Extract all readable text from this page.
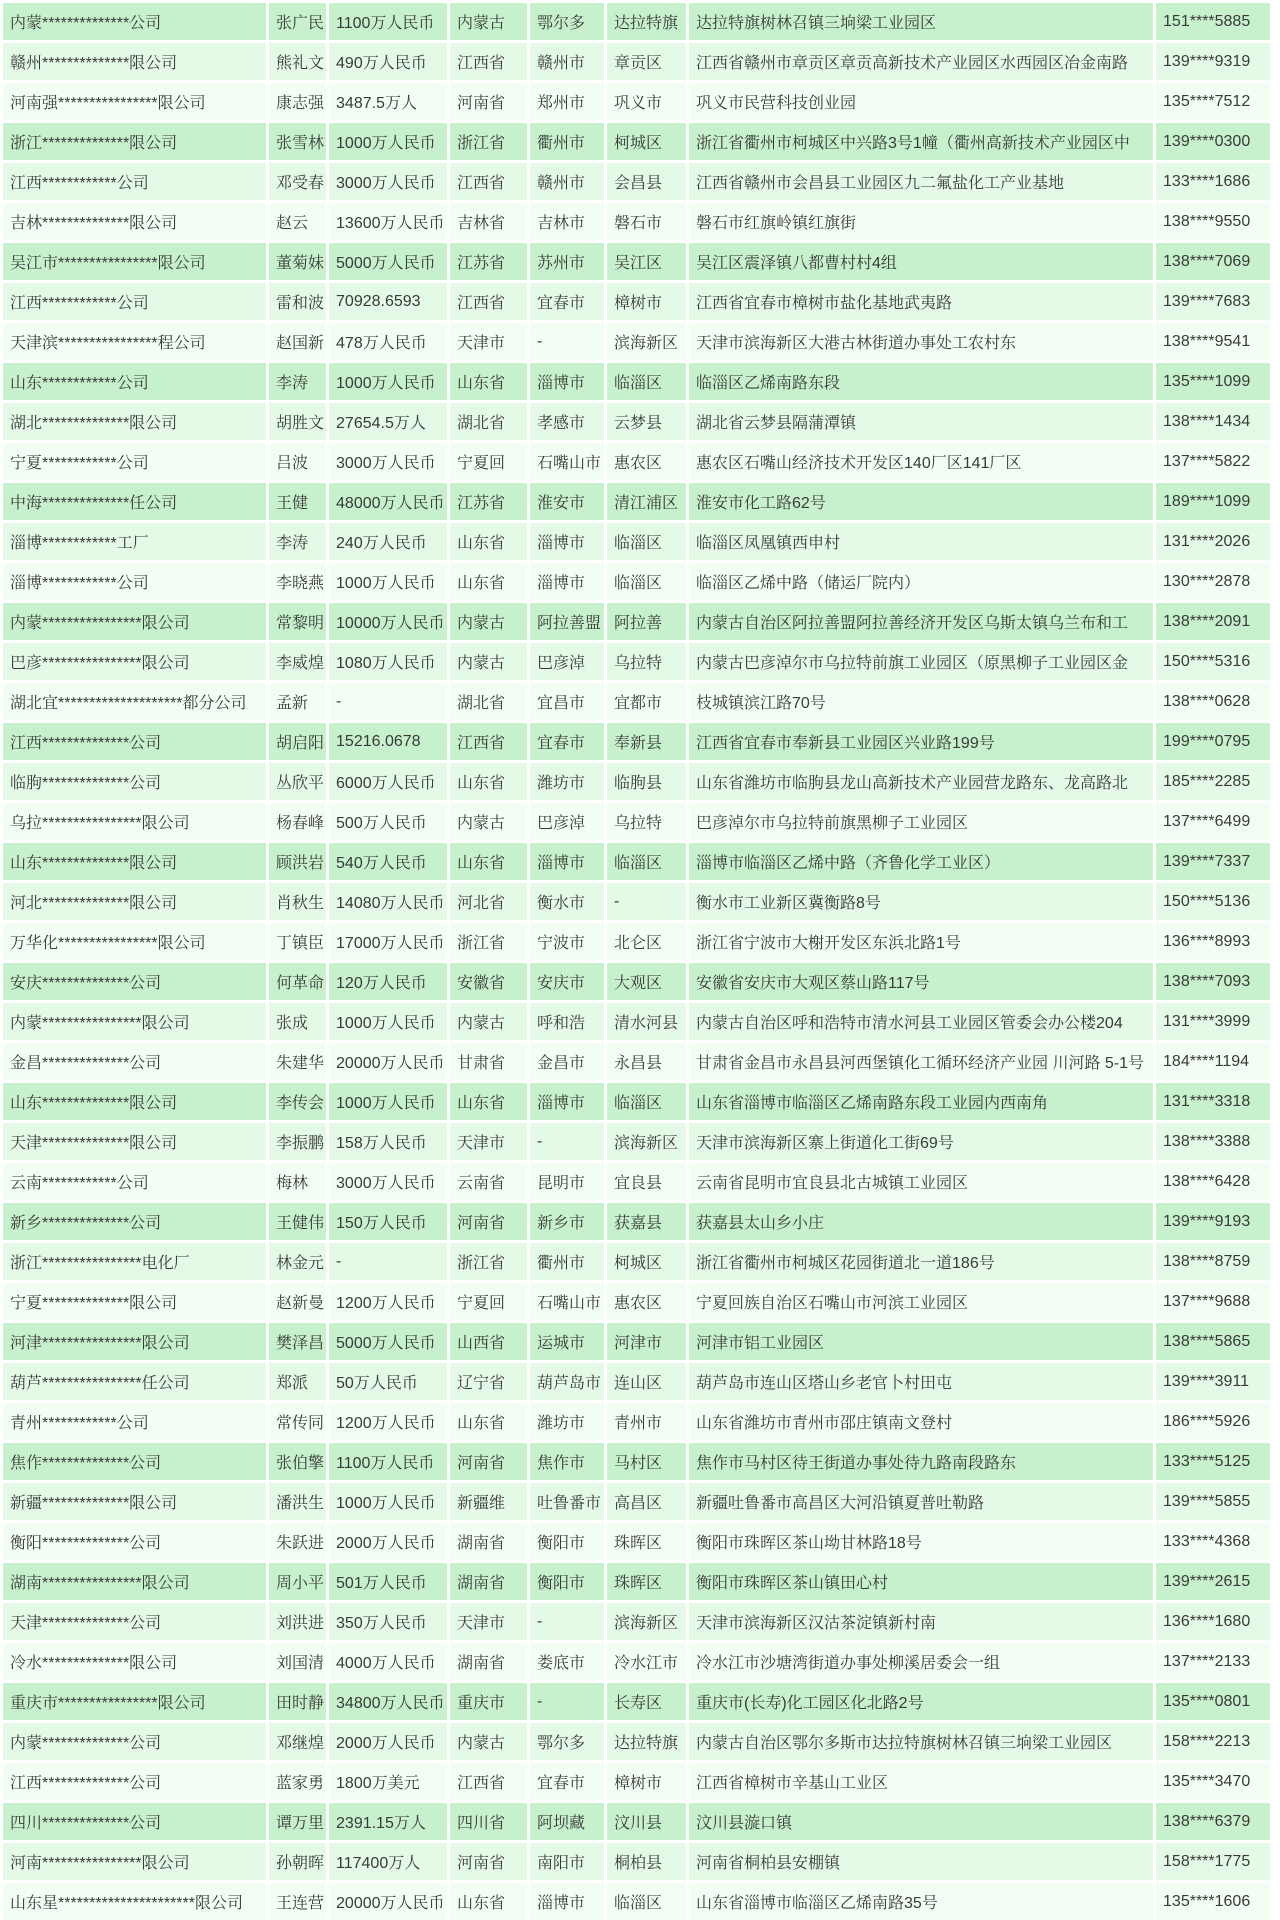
内蒙**************公司	张广民	1100万人民币	内蒙古	鄂尔多	达拉特旗	达拉特旗树林召镇三垧梁工业园区	151****5885
赣州**************限公司	熊礼文	490万人民币	江西省	赣州市	章贡区	江西省赣州市章贡区章贡高新技术产业园区水西园区冶金南路	139****9319
河南强****************限公司	康志强	3487.5万人	河南省	郑州市	巩义市	巩义市民营科技创业园	135****7512
浙江**************限公司	张雪林	1000万人民币	浙江省	衢州市	柯城区	浙江省衢州市柯城区中兴路3号1幢（衢州高新技术产业园区中	139****0300
江西************公司	邓受春	3000万人民币	江西省	赣州市	会昌县	江西省赣州市会昌县工业园区九二氟盐化工产业基地	133****1686
吉林**************限公司	赵云	13600万人民币	吉林省	吉林市	磐石市	磐石市红旗岭镇红旗街	138****9550
吴江市****************限公司	董菊妹	5000万人民币	江苏省	苏州市	吴江区	吴江区震泽镇八都曹村村4组	138****7069
江西************公司	雷和波	70928.6593	江西省	宜春市	樟树市	江西省宜春市樟树市盐化基地武夷路	139****7683
天津滨****************程公司	赵国新	478万人民币	天津市	-	滨海新区	天津市滨海新区大港古林街道办事处工农村东	138****9541
山东************公司	李涛	1000万人民币	山东省	淄博市	临淄区	临淄区乙烯南路东段	135****1099
湖北**************限公司	胡胜文	27654.5万人	湖北省	孝感市	云梦县	湖北省云梦县隔蒲潭镇	138****1434
宁夏************公司	吕波	3000万人民币	宁夏回	石嘴山市	惠农区	惠农区石嘴山经济技术开发区140厂区141厂区	137****5822
中海**************任公司	王健	48000万人民币	江苏省	淮安市	清江浦区	淮安市化工路62号	189****1099
淄博************工厂	李涛	240万人民币	山东省	淄博市	临淄区	临淄区凤凰镇西申村	131****2026
淄博************公司	李晓燕	1000万人民币	山东省	淄博市	临淄区	临淄区乙烯中路（储运厂院内）	130****2878
内蒙****************限公司	常黎明	10000万人民币	内蒙古	阿拉善盟	阿拉善	内蒙古自治区阿拉善盟阿拉善经济开发区乌斯太镇乌兰布和工	138****2091
巴彦****************限公司	李威煌	1080万人民币	内蒙古	巴彦淖	乌拉特	内蒙古巴彦淖尔市乌拉特前旗工业园区（原黑柳子工业园区金	150****5316
湖北宜********************都分公司	孟新	-	湖北省	宜昌市	宜都市	枝城镇滨江路70号	138****0628
江西**************公司	胡启阳	15216.0678	江西省	宜春市	奉新县	江西省宜春市奉新县工业园区兴业路199号	199****0795
临朐**************公司	丛欣平	6000万人民币	山东省	潍坊市	临朐县	山东省潍坊市临朐县龙山高新技术产业园营龙路东、龙高路北	185****2285
乌拉****************限公司	杨春峰	500万人民币	内蒙古	巴彦淖	乌拉特	巴彦淖尔市乌拉特前旗黑柳子工业园区	137****6499
山东**************限公司	顾洪岩	540万人民币	山东省	淄博市	临淄区	淄博市临淄区乙烯中路（齐鲁化学工业区）	139****7337
河北**************限公司	肖秋生	14080万人民币	河北省	衡水市	-	衡水市工业新区冀衡路8号	150****5136
万华化****************限公司	丁镇臣	17000万人民币	浙江省	宁波市	北仑区	浙江省宁波市大榭开发区东浜北路1号	136****8993
安庆**************公司	何革命	120万人民币	安徽省	安庆市	大观区	安徽省安庆市大观区蔡山路117号	138****7093
内蒙****************限公司	张成	1000万人民币	内蒙古	呼和浩	清水河县	内蒙古自治区呼和浩特市清水河县工业园区管委会办公楼204	131****3999
金昌**************公司	朱建华	20000万人民币	甘肃省	金昌市	永昌县	甘肃省金昌市永昌县河西堡镇化工循环经济产业园 川河路 5-1号	184****1194
山东**************限公司	李传会	1000万人民币	山东省	淄博市	临淄区	山东省淄博市临淄区乙烯南路东段工业园内西南角	131****3318
天津**************限公司	李振鹏	158万人民币	天津市	-	滨海新区	天津市滨海新区寨上街道化工街69号	138****3388
云南************公司	梅林	3000万人民币	云南省	昆明市	宜良县	云南省昆明市宜良县北古城镇工业园区	138****6428
新乡**************公司	王健伟	150万人民币	河南省	新乡市	获嘉县	获嘉县太山乡小庄	139****9193
浙江****************电化厂	林金元	-	浙江省	衢州市	柯城区	浙江省衢州市柯城区花园街道北一道186号	138****8759
宁夏**************限公司	赵新曼	1200万人民币	宁夏回	石嘴山市	惠农区	宁夏回族自治区石嘴山市河滨工业园区	137****9688
河津****************限公司	樊泽昌	5000万人民币	山西省	运城市	河津市	河津市铝工业园区	138****5865
葫芦****************任公司	郑派	50万人民币	辽宁省	葫芦岛市	连山区	葫芦岛市连山区塔山乡老官卜村田屯	139****3911
青州************公司	常传同	1200万人民币	山东省	潍坊市	青州市	山东省潍坊市青州市邵庄镇南文登村	186****5926
焦作**************公司	张伯擎	1100万人民币	河南省	焦作市	马村区	焦作市马村区待王街道办事处待九路南段路东	133****5125
新疆**************限公司	潘洪生	1000万人民币	新疆维	吐鲁番市	高昌区	新疆吐鲁番市高昌区大河沿镇夏普吐勒路	139****5855
衡阳**************公司	朱跃进	2000万人民币	湖南省	衡阳市	珠晖区	衡阳市珠晖区茶山坳甘林路18号	133****4368
湖南****************限公司	周小平	501万人民币	湖南省	衡阳市	珠晖区	衡阳市珠晖区茶山镇田心村	139****2615
天津**************公司	刘洪进	350万人民币	天津市	-	滨海新区	天津市滨海新区汉沽茶淀镇新村南	136****1680
冷水**************限公司	刘国清	4000万人民币	湖南省	娄底市	冷水江市	冷水江市沙塘湾街道办事处柳溪居委会一组	137****2133
重庆市****************限公司	田时静	34800万人民币	重庆市	-	长寿区	重庆市(长寿)化工园区化北路2号	135****0801
内蒙**************公司	邓继煌	2000万人民币	内蒙古	鄂尔多	达拉特旗	内蒙古自治区鄂尔多斯市达拉特旗树林召镇三垧梁工业园区	158****2213
江西**************公司	蓝家勇	1800万美元	江西省	宜春市	樟树市	江西省樟树市辛基山工业区	135****3470
四川**************公司	谭万里	2391.15万人	四川省	阿坝藏	汶川县	汶川县漩口镇	138****6379
河南****************限公司	孙朝晖	117400万人	河南省	南阳市	桐柏县	河南省桐柏县安棚镇	158****1775
山东星**********************限公司	王连营	20000万人民币	山东省	淄博市	临淄区	山东省淄博市临淄区乙烯南路35号	135****1606
